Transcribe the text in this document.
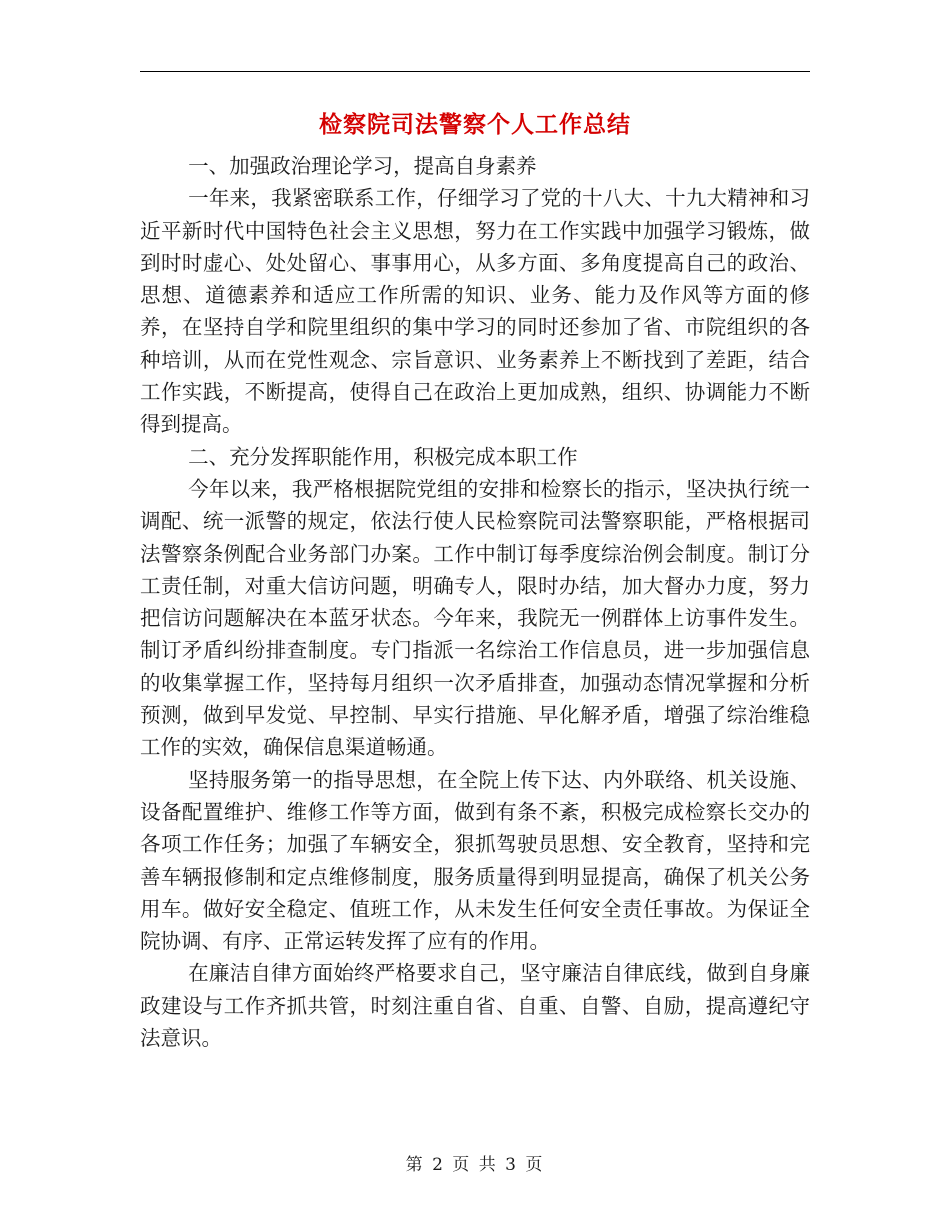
检察院司法警察个人工作总结

一、加强政治理论学习，提高自身素养

一年来，我紧密联系工作，仔细学习了党的十八大、十九大精神和习近平新时代中国特色社会主义思想，努力在工作实践中加强学习锻炼，做到时时虚心、处处留心、事事用心，从多方面、多角度提高自己的政治、思想、道德素养和适应工作所需的知识、业务、能力及作风等方面的修养，在坚持自学和院里组织的集中学习的同时还参加了省、市院组织的各种培训，从而在党性观念、宗旨意识、业务素养上不断找到了差距，结合工作实践，不断提高，使得自己在政治上更加成熟，组织、协调能力不断得到提高。

二、充分发挥职能作用，积极完成本职工作

今年以来，我严格根据院党组的安排和检察长的指示，坚决执行统一调配、统一派警的规定，依法行使人民检察院司法警察职能，严格根据司法警察条例配合业务部门办案。工作中制订每季度综治例会制度。制订分工责任制，对重大信访问题，明确专人，限时办结，加大督办力度，努力把信访问题解决在本蓝牙状态。今年来，我院无一例群体上访事件发生。制订矛盾纠纷排查制度。专门指派一名综治工作信息员，进一步加强信息的收集掌握工作，坚持每月组织一次矛盾排查，加强动态情况掌握和分析预测，做到早发觉、早控制、早实行措施、早化解矛盾，增强了综治维稳工作的实效，确保信息渠道畅通。

坚持服务第一的指导思想，在全院上传下达、内外联络、机关设施、设备配置维护、维修工作等方面，做到有条不紊，积极完成检察长交办的各项工作任务；加强了车辆安全，狠抓驾驶员思想、安全教育，坚持和完善车辆报修制和定点维修制度，服务质量得到明显提高，确保了机关公务用车。做好安全稳定、值班工作，从未发生任何安全责任事故。为保证全院协调、有序、正常运转发挥了应有的作用。

在廉洁自律方面始终严格要求自己，坚守廉洁自律底线，做到自身廉政建设与工作齐抓共管，时刻注重自省、自重、自警、自励，提高遵纪守法意识。

第 2 页 共 3 页
